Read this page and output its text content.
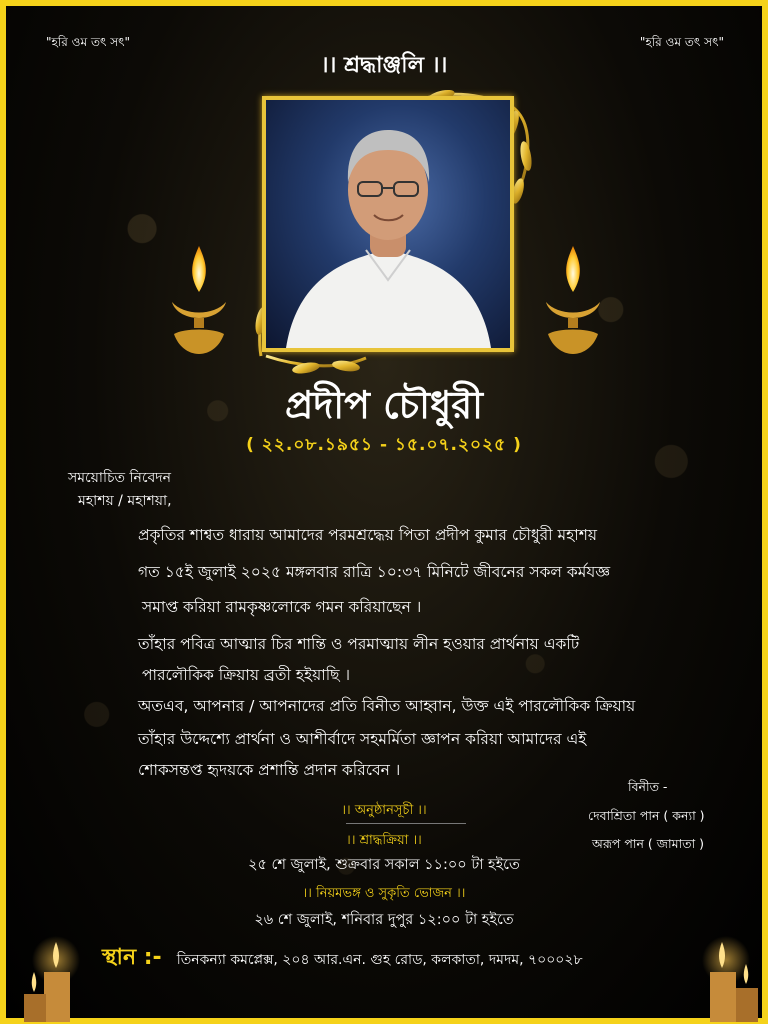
"হরি ওম তৎ সৎ"	"হরি ওম তৎ সৎ"
।। শ্রদ্ধাঞ্জলি ।।
প্রদীপ চৌধুরী
( ২২.০৮.১৯৫১ - ১৫.০৭.২০২৫ )
সময়োচিত নিবেদন
মহাশয় / মহাশয়া,
প্রকৃতির শাশ্বত ধারায় আমাদের পরমশ্রদ্ধেয় পিতা প্রদীপ কুমার চৌধুরী মহাশয়
গত ১৫ই জুলাই ২০২৫ মঙ্গলবার রাত্রি ১০:৩৭ মিনিটে জীবনের সকল কর্মযজ্ঞ
সমাপ্ত করিয়া রামকৃষ্ণলোকে গমন করিয়াছেন ।
তাঁহার পবিত্র আত্মার চির শান্তি ও পরমাত্মায় লীন হওয়ার প্রার্থনায় একটি
পারলৌকিক ক্রিয়ায় ব্রতী হইয়াছি ।
অতএব, আপনার / আপনাদের প্রতি বিনীত আহ্বান, উক্ত এই পারলৌকিক ক্রিয়ায়
তাঁহার উদ্দেশ্যে প্রার্থনা ও আশীর্বাদে সহমর্মিতা জ্ঞাপন করিয়া আমাদের এই
শোকসন্তপ্ত হৃদয়কে প্রশান্তি প্রদান করিবেন ।
বিনীত -
দেবাশ্রিতা পান ( কন্যা )
অরূপ পান ( জামাতা )
।। অনুষ্ঠানসূচী ।।
।। শ্রাদ্ধক্রিয়া ।।
২৫ শে জুলাই, শুক্রবার সকাল ১১:০০ টা হইতে
।। নিয়মভঙ্গ ও সুকৃতি ভোজন ।।
২৬ শে জুলাই, শনিবার দুপুর ১২:০০ টা হইতে
স্থান :- তিনকন্যা কমপ্লেক্স, ২০৪ আর.এন. গুহ রোড, কলকাতা, দমদম, ৭০০০২৮
